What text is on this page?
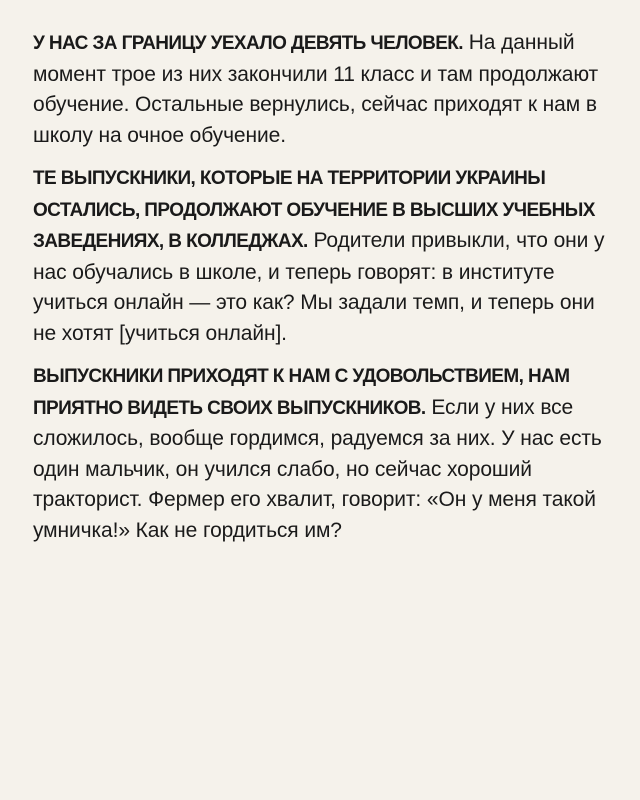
У НАС ЗА ГРАНИЦУ УЕХАЛО ДЕВЯТЬ ЧЕЛОВЕК. На данный момент трое из них закончили 11 класс и там продолжают обучение. Остальные вернулись, сейчас приходят к нам в школу на очное обучение.

ТЕ ВЫПУСКНИКИ, КОТОРЫЕ НА ТЕРРИТОРИИ УКРАИНЫ ОСТАЛИСЬ, ПРОДОЛЖАЮТ ОБУЧЕНИЕ В ВЫСШИХ УЧЕБНЫХ ЗАВЕДЕНИЯХ, В КОЛЛЕДЖАХ. Родители привыкли, что они у нас обучались в школе, и теперь говорят: в институте учиться онлайн — это как? Мы задали темп, и теперь они не хотят [учиться онлайн].

ВЫПУСКНИКИ ПРИХОДЯТ К НАМ С УДОВОЛЬСТВИЕМ, НАМ ПРИЯТНО ВИДЕТЬ СВОИХ ВЫПУСКНИКОВ. Если у них все сложилось, вообще гордимся, радуемся за них. У нас есть один мальчик, он учился слабо, но сейчас хороший тракторист. Фермер его хвалит, говорит: «Он у меня такой умничка!» Как не гордиться им?
